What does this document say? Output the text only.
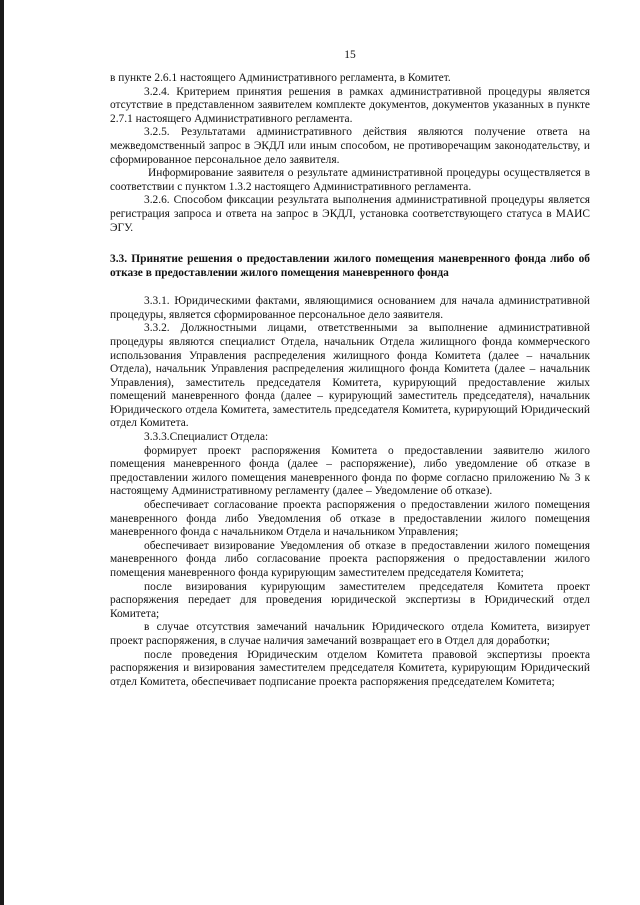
15

в пункте 2.6.1 настоящего Административного регламента, в Комитет.

3.2.4. Критерием принятия решения в рамках административной процедуры является отсутствие в представленном заявителем комплекте документов, документов указанных в пункте 2.7.1 настоящего Административного регламента.

3.2.5. Результатами административного действия являются получение ответа на межведомственный запрос в ЭКДЛ или иным способом, не противоречащим законодательству, и сформированное персональное дело заявителя.

Информирование заявителя о результате административной процедуры осуществляется в соответствии с пунктом 1.3.2 настоящего Административного регламента.

3.2.6. Способом фиксации результата выполнения административной процедуры является регистрация запроса и ответа на запрос в ЭКДЛ, установка соответствующего статуса в МАИС ЭГУ.

3.3. Принятие решения о предоставлении жилого помещения маневренного фонда либо об отказе в предоставлении жилого помещения маневренного фонда

3.3.1. Юридическими фактами, являющимися основанием для начала административной процедуры, является сформированное персональное дело заявителя.

3.3.2. Должностными лицами, ответственными за выполнение административной процедуры являются специалист Отдела, начальник Отдела жилищного фонда коммерческого использования Управления распределения жилищного фонда Комитета (далее – начальник Отдела), начальник Управления распределения жилищного фонда Комитета (далее – начальник Управления), заместитель председателя Комитета, курирующий предоставление жилых помещений маневренного фонда (далее – курирующий заместитель председателя), начальник Юридического отдела Комитета, заместитель председателя Комитета, курирующий Юридический отдел Комитета.

3.3.3.Специалист Отдела:

формирует проект распоряжения Комитета о предоставлении заявителю жилого помещения маневренного фонда (далее – распоряжение), либо уведомление об отказе в предоставлении жилого помещения маневренного фонда по форме согласно приложению № 3 к настоящему Административному регламенту (далее – Уведомление об отказе).

обеспечивает согласование проекта распоряжения о предоставлении жилого помещения маневренного фонда либо Уведомления об отказе в предоставлении жилого помещения маневренного фонда с начальником Отдела и начальником Управления;

обеспечивает визирование Уведомления об отказе в предоставлении жилого помещения маневренного фонда либо согласование проекта распоряжения о предоставлении жилого помещения маневренного фонда курирующим заместителем председателя Комитета;

после визирования курирующим заместителем председателя Комитета проект распоряжения передает для проведения юридической экспертизы в Юридический отдел Комитета;

в случае отсутствия замечаний начальник Юридического отдела Комитета, визирует проект распоряжения, в случае наличия замечаний возвращает его в Отдел для доработки;

после проведения Юридическим отделом Комитета правовой экспертизы проекта распоряжения и визирования заместителем председателя Комитета, курирующим Юридический отдел Комитета, обеспечивает подписание проекта распоряжения председателем Комитета;
